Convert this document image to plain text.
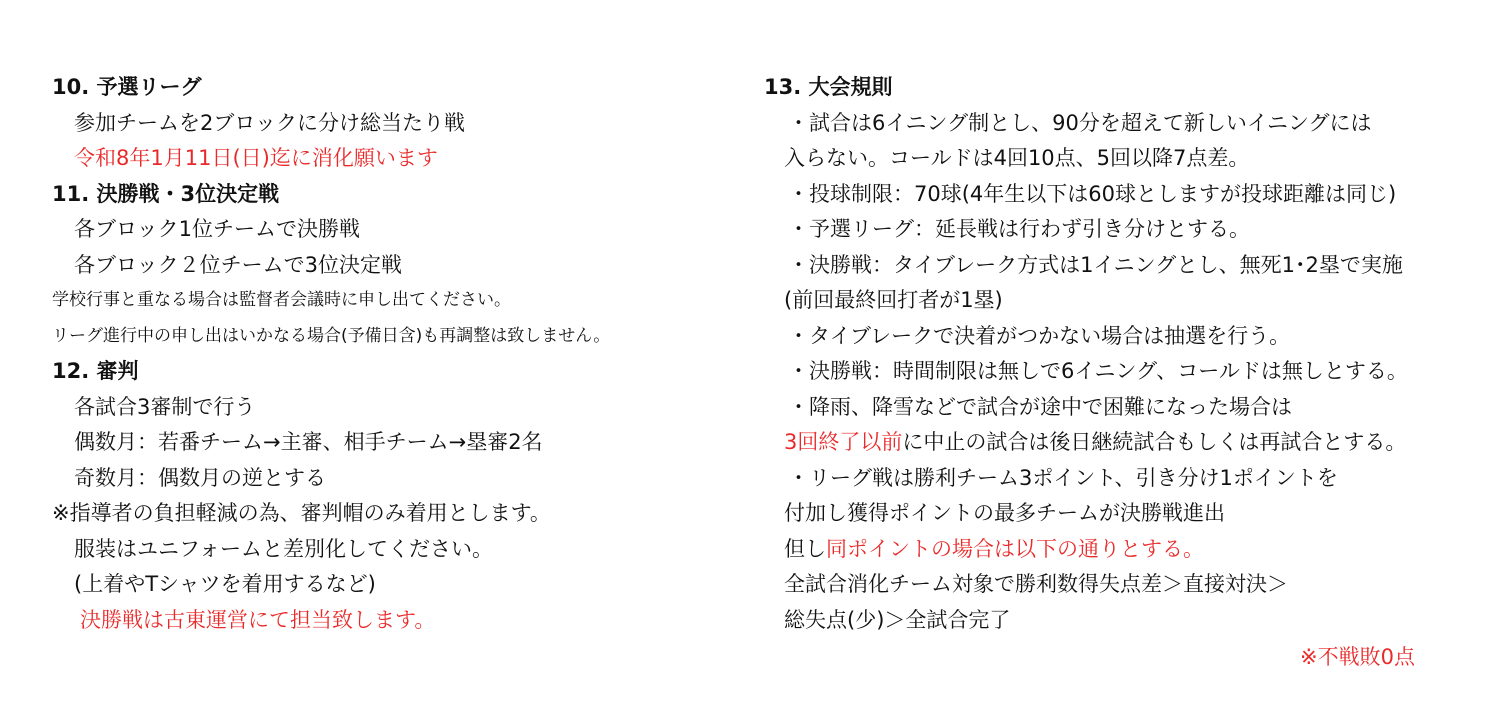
10. 予選リーグ
参加チームを2ブロックに分け総当たり戦
令和8年1月11日(日)迄に消化願います
11. 決勝戦・3位決定戦
各ブロック1位チームで決勝戦
各ブロック２位チームで3位決定戦
学校行事と重なる場合は監督者会議時に申し出てください。
リーグ進行中の申し出はいかなる場合(予備日含)も再調整は致しません。
12. 審判
各試合3審制で行う
偶数月：若番チーム→主審、相手チーム→塁審2名
奇数月：偶数月の逆とする
※指導者の負担軽減の為、審判帽のみ着用とします。
服装はユニフォームと差別化してください。
(上着やTシャツを着用するなど)
決勝戦は古東運営にて担当致します。
13. 大会規則
・試合は6イニング制とし、90分を超えて新しいイニングには
入らない。コールドは4回10点、5回以降7点差。
・投球制限：70球(4年生以下は60球としますが投球距離は同じ)
・予選リーグ：延長戦は行わず引き分けとする。
・決勝戦：タイブレーク方式は1イニングとし、無死1･2塁で実施
(前回最終回打者が1塁)
・タイブレークで決着がつかない場合は抽選を行う。
・決勝戦：時間制限は無しで6イニング、コールドは無しとする。
・降雨、降雪などで試合が途中で困難になった場合は
3回終了以前に中止の試合は後日継続試合もしくは再試合とする。
・リーグ戦は勝利チーム3ポイント、引き分け1ポイントを
付加し獲得ポイントの最多チームが決勝戦進出
但し同ポイントの場合は以下の通りとする。
全試合消化チーム対象で勝利数得失点差＞直接対決＞
総失点(少)＞全試合完了
※不戦敗0点
